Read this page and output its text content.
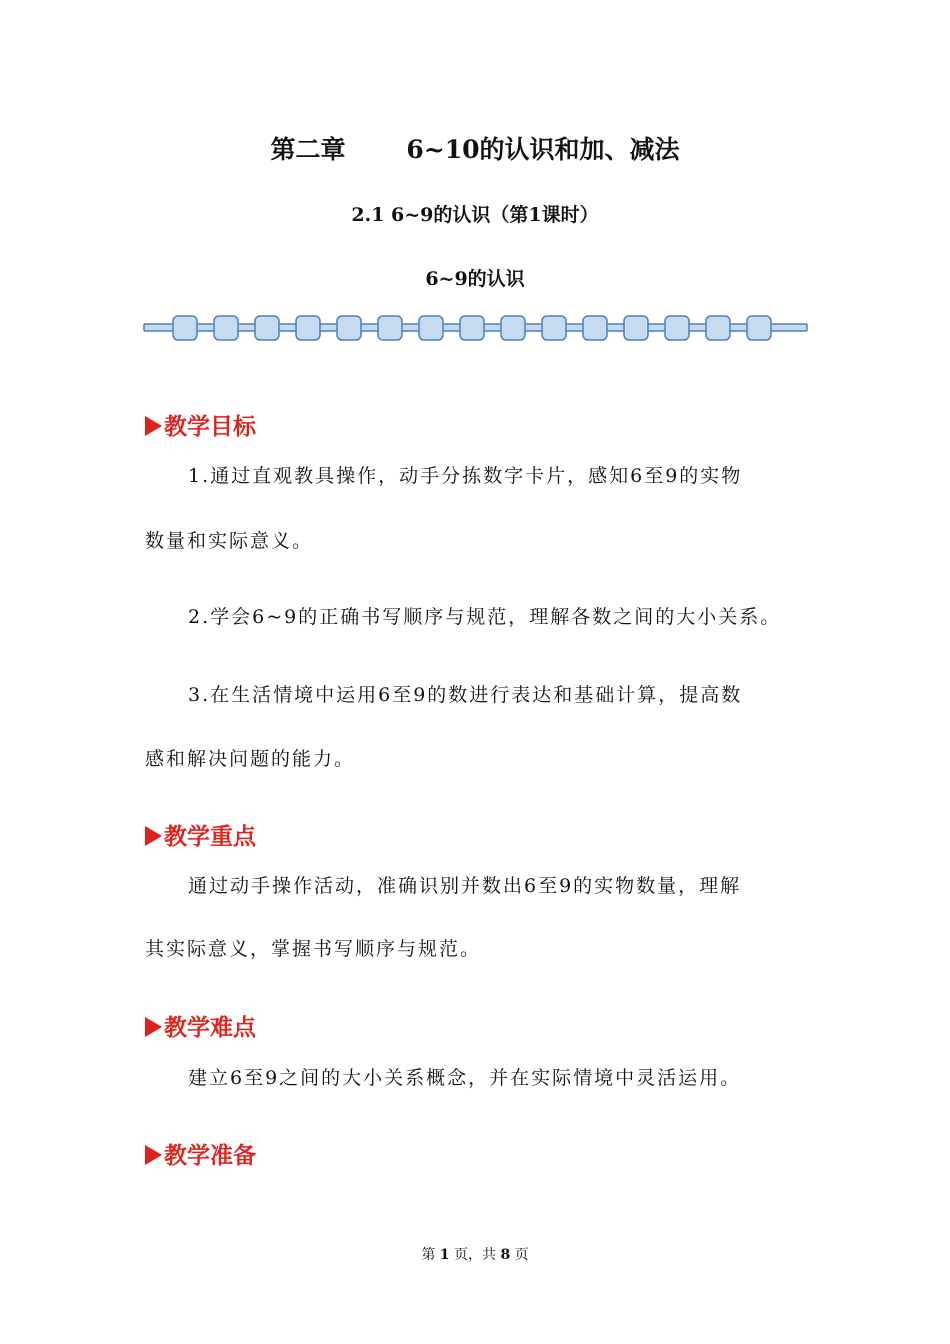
第二章       6~10的认识和加、减法
2.1 6~9的认识（第1课时）
6~9的认识
教学目标
1.通过直观教具操作，动手分拣数字卡片，感知6至9的实物
数量和实际意义。
2.学会6~9的正确书写顺序与规范，理解各数之间的大小关系。
3.在生活情境中运用6至9的数进行表达和基础计算，提高数
感和解决问题的能力。
教学重点
通过动手操作活动，准确识别并数出6至9的实物数量，理解
其实际意义，掌握书写顺序与规范。
教学难点
建立6至9之间的大小关系概念，并在实际情境中灵活运用。
教学准备
第 1 页，共 8 页
